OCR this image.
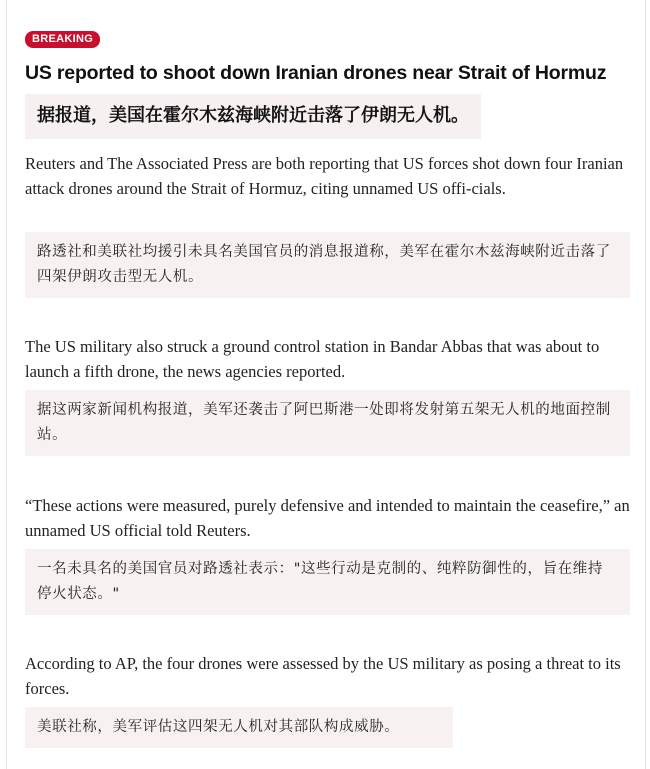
BREAKING
US reported to shoot down Iranian drones near Strait of Hormuz
据报道，美国在霍尔木兹海峡附近击落了伊朗无人机。
Reuters and The Associated Press are both reporting that US forces shot down four Iranian attack drones around the Strait of Hormuz, citing unnamed US offi-cials.
路透社和美联社均援引未具名美国官员的消息报道称，美军在霍尔木兹海峡附近击落了四架伊朗攻击型无人机。
The US military also struck a ground control station in Bandar Abbas that was about to launch a fifth drone, the news agencies reported.
据这两家新闻机构报道，美军还袭击了阿巴斯港一处即将发射第五架无人机的地面控制站。
“These actions were measured, purely defensive and intended to maintain the ceasefire,” an unnamed US official told Reuters.
一名未具名的美国官员对路透社表示："这些行动是克制的、纯粹防御性的，旨在维持停火状态。"
According to AP, the four drones were assessed by the US military as posing a threat to its forces.
美联社称，美军评估这四架无人机对其部队构成威胁。
